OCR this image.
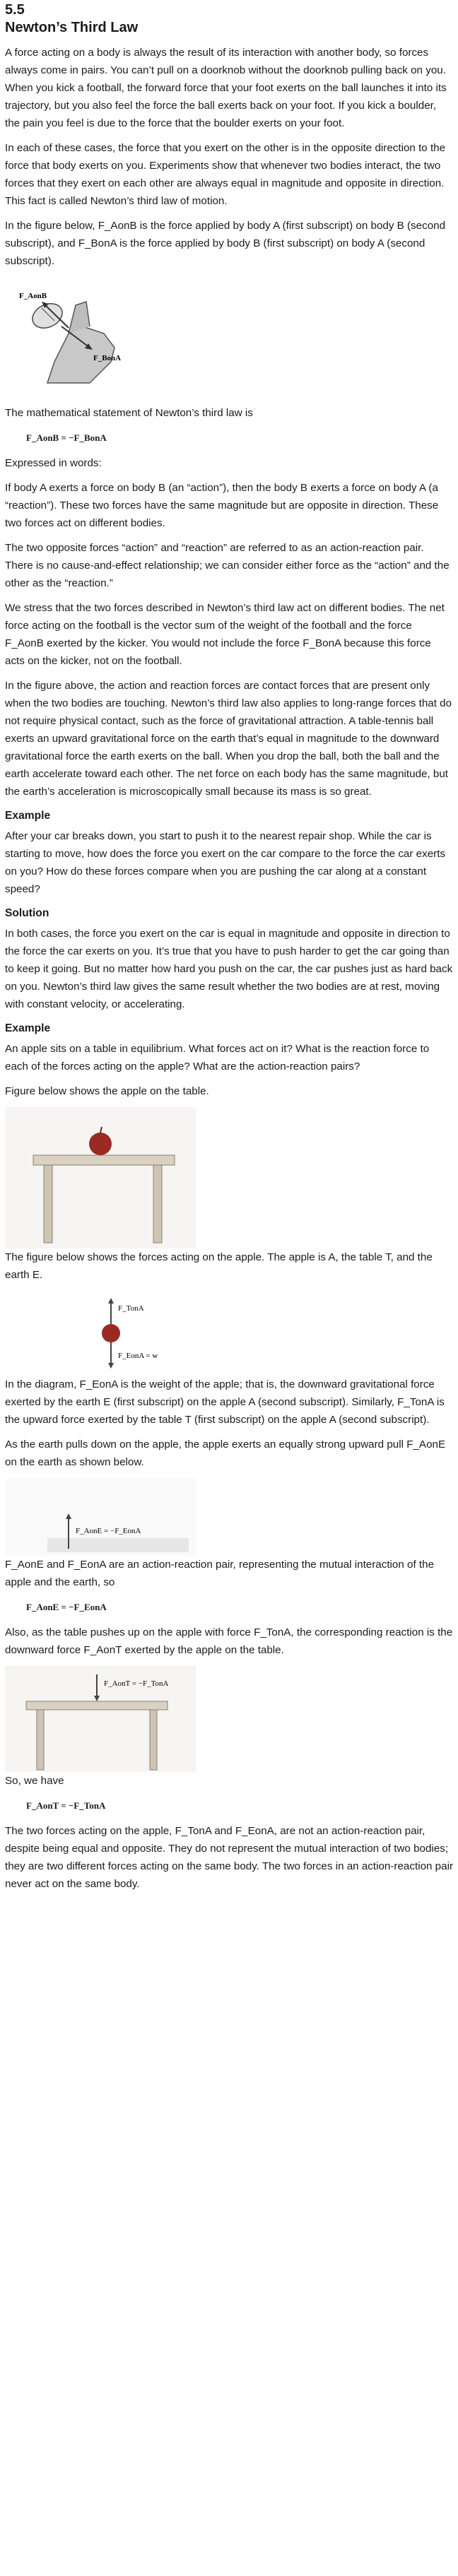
5.5

Newton’s Third Law

A force acting on a body is always the result of its interaction with another body, so forces always come in pairs. You can’t pull on a doorknob without the doorknob pulling back on you. When you kick a football, the forward force that your foot exerts on the ball launches it into its trajectory, but you also feel the force the ball exerts back on your foot. If you kick a boulder, the pain you feel is due to the force that the boulder exerts on your foot.

In each of these cases, the force that you exert on the other is in the opposite direction to the force that body exerts on you. Experiments show that whenever two bodies interact, the two forces that they exert on each other are always equal in magnitude and opposite in direction. This fact is called Newton’s third law of motion.

In the figure below, F_AonB is the force applied by body A (first subscript) on body B (second subscript), and F_BonA is the force applied by body B (first subscript) on body A (second subscript).

F_AonB
F_BonA

The mathematical statement of Newton’s third law is

F_AonB = −F_BonA

Expressed in words:

If body A exerts a force on body B (an “action”), then the body B exerts a force on body A (a “reaction”). These two forces have the same magnitude but are opposite in direction. These two forces act on different bodies.

The two opposite forces “action” and “reaction” are referred to as an action-reaction pair. There is no cause-and-effect relationship; we can consider either force as the “action” and the other as the “reaction.”

We stress that the two forces described in Newton’s third law act on different bodies. The net force acting on the football is the vector sum of the weight of the football and the force F_AonB exerted by the kicker. You would not include the force F_BonA because this force acts on the kicker, not on the football.

In the figure above, the action and reaction forces are contact forces that are present only when the two bodies are touching. Newton’s third law also applies to long-range forces that do not require physical contact, such as the force of gravitational attraction. A table-tennis ball exerts an upward gravitational force on the earth that’s equal in magnitude to the downward gravitational force the earth exerts on the ball. When you drop the ball, both the ball and the earth accelerate toward each other. The net force on each body has the same magnitude, but the earth’s acceleration is microscopically small because its mass is so great.

Example

After your car breaks down, you start to push it to the nearest repair shop. While the car is starting to move, how does the force you exert on the car compare to the force the car exerts on you? How do these forces compare when you are pushing the car along at a constant speed?

Solution

In both cases, the force you exert on the car is equal in magnitude and opposite in direction to the force the car exerts on you. It’s true that you have to push harder to get the car going than to keep it going. But no matter how hard you push on the car, the car pushes just as hard back on you. Newton’s third law gives the same result whether the two bodies are at rest, moving with constant velocity, or accelerating.

Example

An apple sits on a table in equilibrium. What forces act on it? What is the reaction force to each of the forces acting on the apple? What are the action-reaction pairs?

Figure below shows the apple on the table.

The figure below shows the forces acting on the apple. The apple is A, the table T, and the earth E.

F_TonA
F_EonA = w

In the diagram, F_EonA is the weight of the apple; that is, the downward gravitational force exerted by the earth E (first subscript) on the apple A (second subscript). Similarly, F_TonA is the upward force exerted by the table T (first subscript) on the apple A (second subscript).

As the earth pulls down on the apple, the apple exerts an equally strong upward pull F_AonE on the earth as shown below.

F_AonE = −F_EonA

F_AonE and F_EonA are an action-reaction pair, representing the mutual interaction of the apple and the earth, so

F_AonE = −F_EonA

Also, as the table pushes up on the apple with force F_TonA, the corresponding reaction is the downward force F_AonT exerted by the apple on the table.

F_AonT = −F_TonA

So, we have

F_AonT = −F_TonA

The two forces acting on the apple, F_TonA and F_EonA, are not an action-reaction pair, despite being equal and opposite. They do not represent the mutual interaction of two bodies; they are two different forces acting on the same body. The two forces in an action-reaction pair never act on the same body.
